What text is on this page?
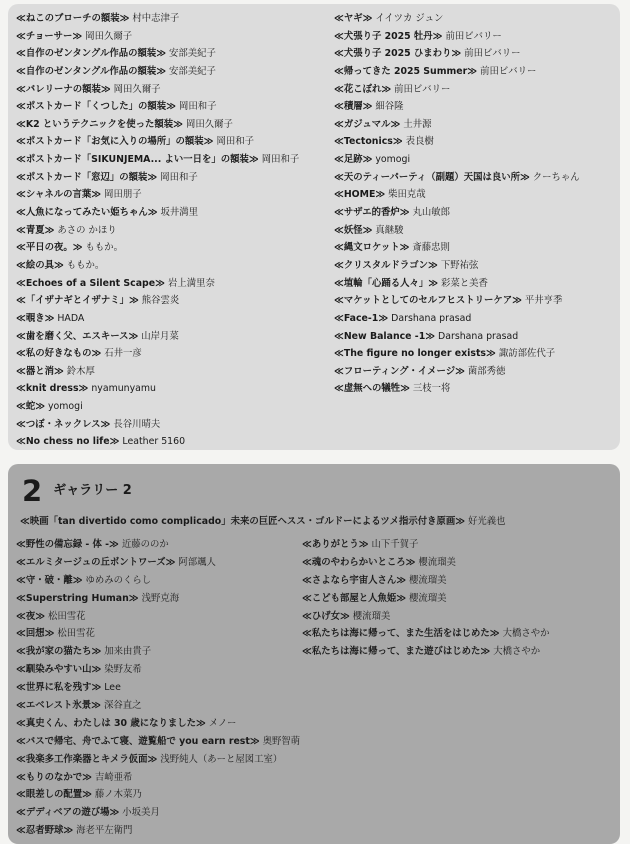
≪ねこのブローチの額装≫ 村中志津子
≪チョーサー≫ 岡田久爾子
≪自作のゼンタングル作品の額装≫ 安部美紀子
≪自作のゼンタングル作品の額装≫ 安部美紀子
≪バレリーナの額装≫ 岡田久爾子
≪ポストカード「くつした」の額装≫ 岡田和子
≪K2 というテクニックを使った額装≫ 岡田久爾子
≪ポストカード「お気に入りの場所」の額装≫ 岡田和子
≪ポストカード「SIKUNJEMA... よい一日を」の額装≫ 岡田和子
≪ポストカード「窓辺」の額装≫ 岡田和子
≪シャネルの言葉≫ 岡田朋子
≪人魚になってみたい姫ちゃん≫ 坂井満里
≪青夏≫ あさの かほり
≪平日の夜。≫ ももか。
≪絵の具≫ ももか。
≪Echoes of a Silent Scape≫ 岩上満里奈
≪「イザナギとイザナミ」≫ 熊谷雲炎
≪覗き≫ HADA
≪歯を磨く父、エスキース≫ 山岸月菜
≪私の好きなもの≫ 石井一彦
≪器と消≫ 鈴木厚
≪knit dress≫ nyamunyamu
≪蛇≫ yomogi
≪つぼ・ネックレス≫ 長谷川晴夫
≪No chess no life≫ Leather 5160
≪ヤギ≫ イイツカ ジュン
≪犬張り子 2025 牡丹≫ 前田ビバリー
≪犬張り子 2025 ひまわり≫ 前田ビバリー
≪帰ってきた 2025 Summer≫ 前田ビバリー
≪花こぼれ≫ 前田ビバリー
≪積層≫ 細谷隆
≪ガジュマル≫ 土井源
≪Tectonics≫ 表良樹
≪足跡≫ yomogi
≪天のティーパーティ（副題）天国は良い所≫ クーちゃん
≪HOME≫ 柴田克哉
≪サザエ的香炉≫ 丸山敏郎
≪妖怪≫ 真継駿
≪縄文ロケット≫ 斎藤忠則
≪クリスタルドラゴン≫ 下野祐弦
≪埴輪「心踊る人々」≫ 彩菜と美香
≪マケットとしてのセルフヒストリーケア≫ 平井亨季
≪Face-1≫ Darshana prasad
≪New Balance -1≫ Darshana prasad
≪The figure no longer exists≫ 諏訪部佐代子
≪フローティング・イメージ≫ 菌部秀徳
≪虚無への犠牲≫ 三枝一将
2 ギャラリー 2
≪映画「tan divertido como complicado」未来の巨匠ヘスス・ゴルドーによるツメ指示付き原画≫ 好光義也
≪野性の備忘録 - 体 -≫ 近藤ののか
≪エルミタージュの丘ボントワーズ≫ 阿部颯人
≪守・破・離≫ ゆめみのくらし
≪Superstring Human≫ 浅野克海
≪夜≫ 松田雪花
≪回想≫ 松田雪花
≪我が家の猫たち≫ 加来由貴子
≪馴染みやすい山≫ 染野友希
≪世界に私を残す≫ Lee
≪エベレスト氷景≫ 深谷直之
≪真史くん、わたしは 30 歳になりました≫ メノー
≪バスで帰宅、舟でふて寝、遊覧船で you earn rest≫ 奥野智萌
≪我楽多工作楽器とキメラ仮面≫ 浅野純人（あーと屋図工室）
≪もりのなかで≫ 吉崎亜希
≪眼差しの配置≫ 藤ノ木菜乃
≪デディベアの遊び場≫ 小坂美月
≪忍者野球≫ 海老平左衛門
≪ありがとう≫ 山下千賀子
≪魂のやわらかいところ≫ 櫻流瑠美
≪さよなら宇宙人さん≫ 櫻流瑠美
≪こども部屋と人魚姫≫ 櫻流瑠美
≪ひげ女≫ 櫻流瑠美
≪私たちは海に帰って、また生活をはじめた≫ 大橋さやか
≪私たちは海に帰って、また遊びはじめた≫ 大橋さやか
